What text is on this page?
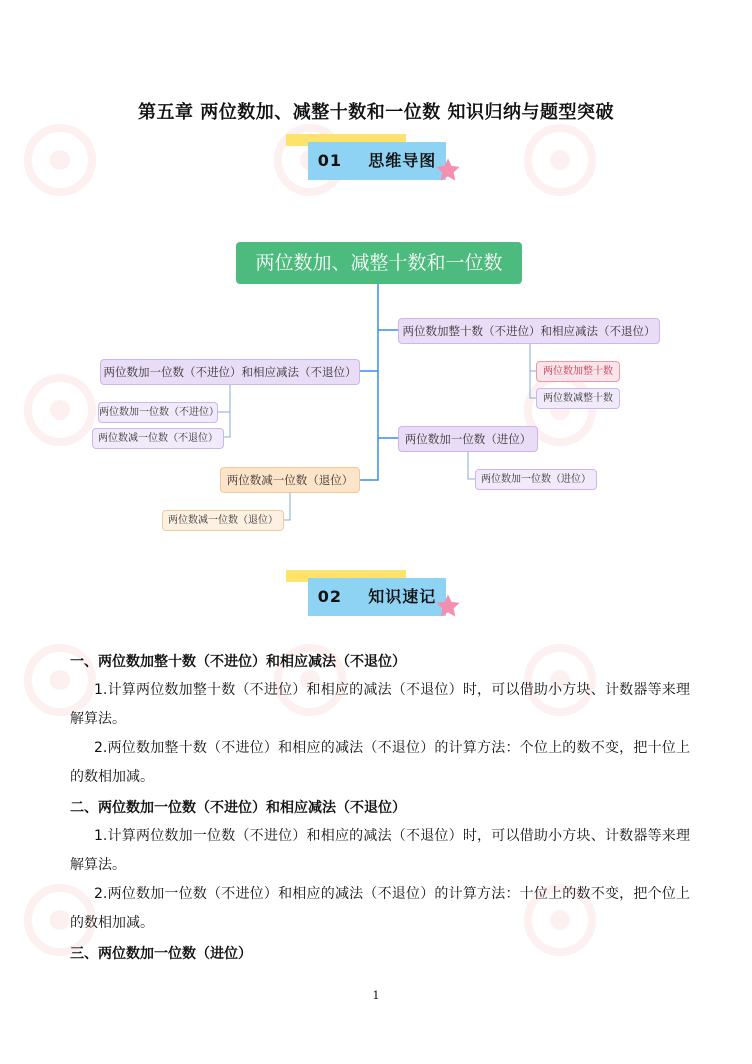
第五章 两位数加、减整十数和一位数 知识归纳与题型突破
01 思维导图
两位数加、减整十数和一位数
两位数加整十数（不进位）和相应减法（不退位）
两位数加整十数
两位数减整十数
两位数加一位数（不进位）和相应减法（不退位）
两位数加一位数（不进位）
两位数减一位数（不退位）	两位数加一位数（进位）
两位数加一位数（进位）
两位数减一位数（退位）
两位数减一位数（退位）
02 知识速记
一、两位数加整十数（不进位）和相应减法（不退位）
1.计算两位数加整十数（不进位）和相应的减法（不退位）时，可以借助小方块、计数器等来理解算法。
2.两位数加整十数（不进位）和相应的减法（不退位）的计算方法：个位上的数不变，把十位上的数相加减。
二、两位数加一位数（不进位）和相应减法（不退位）
1.计算两位数加一位数（不进位）和相应的减法（不退位）时，可以借助小方块、计数器等来理解算法。
2.两位数加一位数（不进位）和相应的减法（不退位）的计算方法：十位上的数不变，把个位上的数相加减。
三、两位数加一位数（进位）
1
